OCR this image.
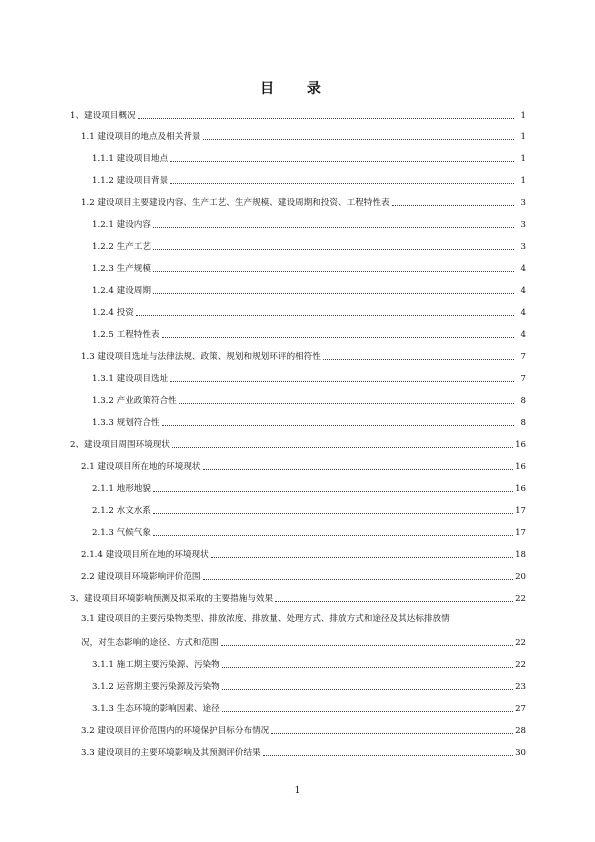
目 录
1、建设项目概况	1
1.1 建设项目的地点及相关背景	1
1.1.1 建设项目地点	1
1.1.2 建设项目背景	1
1.2 建设项目主要建设内容、生产工艺、生产规模、建设周期和投资、工程特性表	3
1.2.1 建设内容	3
1.2.2 生产工艺	3
1.2.3 生产规模	4
1.2.4 建设周期	4
1.2.4 投资	4
1.2.5 工程特性表	4
1.3 建设项目选址与法律法规、政策、规划和规划环评的相符性	7
1.3.1 建设项目选址	7
1.3.2 产业政策符合性	8
1.3.3 规划符合性	8
2、建设项目周围环境现状	16
2.1 建设项目所在地的环境现状	16
2.1.1 地形地貌	16
2.1.2 水文水系	17
2.1.3 气候气象	17
2.1.4 建设项目所在地的环境现状	18
2.2 建设项目环境影响评价范围	20
3、建设项目环境影响预测及拟采取的主要措施与效果	22
3.1 建设项目的主要污染物类型、排放浓度、排放量、处理方式、排放方式和途径及其达标排放情
况，对生态影响的途径、方式和范围	22
3.1.1 施工期主要污染源、污染物	22
3.1.2 运营期主要污染源及污染物	23
3.1.3 生态环境的影响因素、途径	27
3.2 建设项目评价范围内的环境保护目标分布情况	28
3.3 建设项目的主要环境影响及其预测评价结果	30
1
